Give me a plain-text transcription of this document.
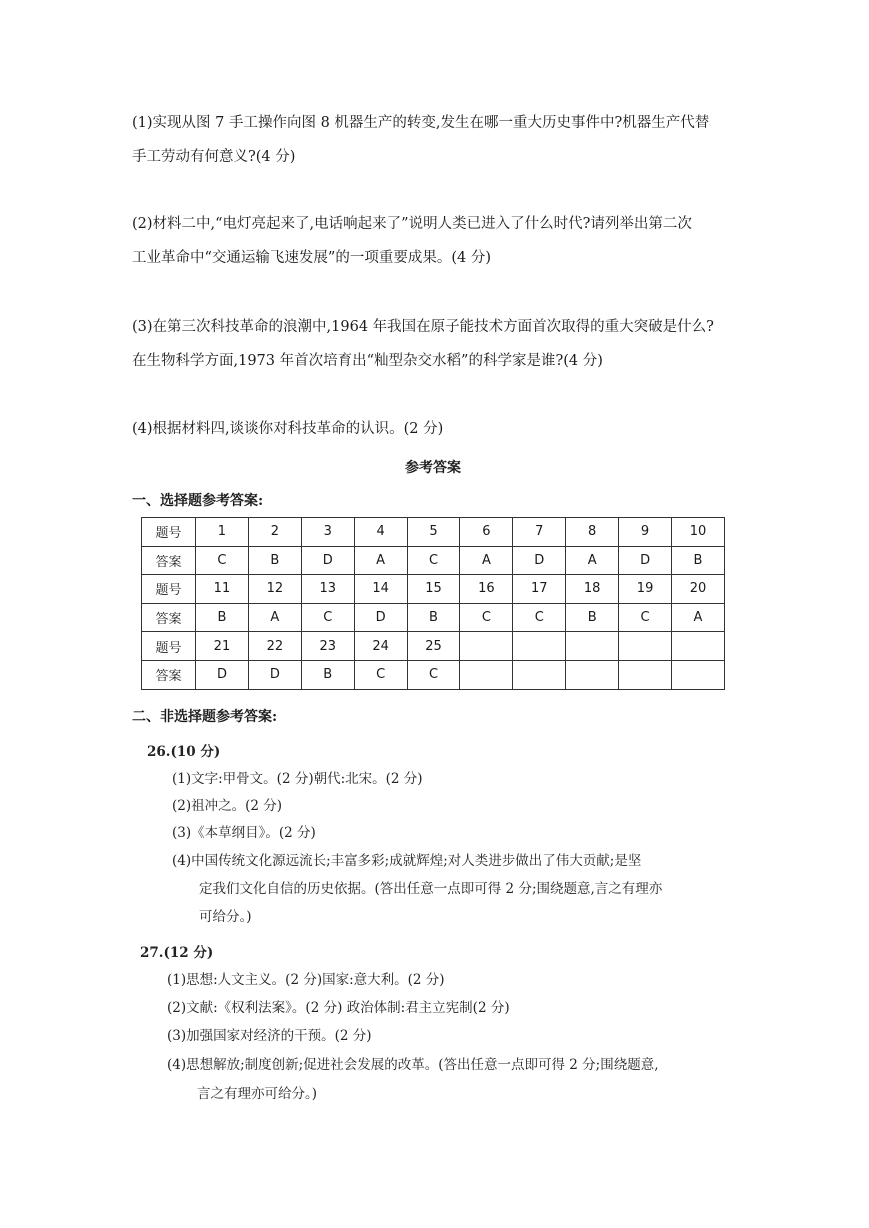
(1)实现从图 7 手工操作向图 8 机器生产的转变,发生在哪一重大历史事件中?机器生产代替
手工劳动有何意义?(4 分)
(2)材料二中,“电灯亮起来了,电话响起来了”说明人类已进入了什么时代?请列举出第二次
工业革命中“交通运输飞速发展”的一项重要成果。(4 分)
(3)在第三次科技革命的浪潮中,1964 年我国在原子能技术方面首次取得的重大突破是什么?
在生物科学方面,1973 年首次培育出“籼型杂交水稻”的科学家是谁?(4 分)
(4)根据材料四,谈谈你对科技革命的认识。(2 分)
参考答案
一、选择题参考答案:
题号	1	2	3	4	5	6	7	8	9	10
答案	C	B	D	A	C	A	D	A	D	B
题号	11	12	13	14	15	16	17	18	19	20
答案	B	A	C	D	B	C	C	B	C	A
题号	21	22	23	24	25					
答案	D	D	B	C	C					
二、非选择题参考答案:
26.(10 分)
(1)文字:甲骨文。(2 分)朝代:北宋。(2 分)
(2)祖冲之。(2 分)
(3)《本草纲目》。(2 分)
(4)中国传统文化源远流长;丰富多彩;成就辉煌;对人类进步做出了伟大贡献;是坚
定我们文化自信的历史依据。(答出任意一点即可得 2 分;围绕题意,言之有理亦
可给分。)
27.(12 分)
(1)思想:人文主义。(2 分)国家:意大利。(2 分)
(2)文献:《权利法案》。(2 分) 政治体制:君主立宪制(2 分)
(3)加强国家对经济的干预。(2 分)
(4)思想解放;制度创新;促进社会发展的改革。(答出任意一点即可得 2 分;围绕题意,
言之有理亦可给分。)
